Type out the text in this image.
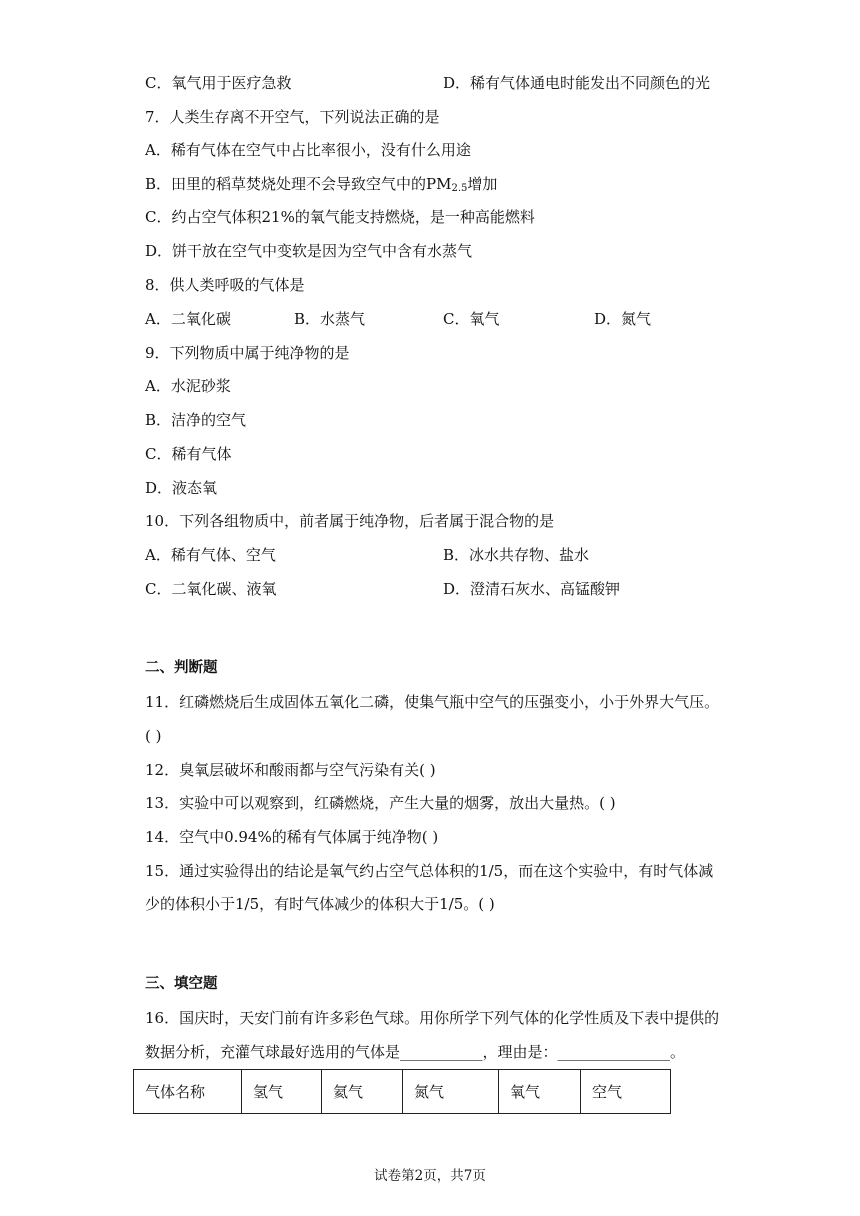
C．氧气用于医疗急救	D．稀有气体通电时能发出不同颜色的光
7．人类生存离不开空气，下列说法正确的是
A．稀有气体在空气中占比率很小，没有什么用途
B．田里的稻草焚烧处理不会导致空气中的$PM_{2.5}$增加
C．约占空气体积21%的氧气能支持燃烧，是一种高能燃料
D．饼干放在空气中变软是因为空气中含有水蒸气
8．供人类呼吸的气体是
A．二氧化碳	B．水蒸气	C．氧气	D．氮气
9．下列物质中属于纯净物的是
A．水泥砂浆
B．洁净的空气
C．稀有气体
D．液态氧
10．下列各组物质中，前者属于纯净物，后者属于混合物的是
A．稀有气体、空气	B．冰水共存物、盐水
C．二氧化碳、液氧	D．澄清石灰水、高锰酸钾
二、判断题
11．红磷燃烧后生成固体五氧化二磷，使集气瓶中空气的压强变小，小于外界大气压。
( )
12．臭氧层破坏和酸雨都与空气污染有关( )
13．实验中可以观察到，红磷燃烧，产生大量的烟雾，放出大量热。( )
14．空气中0.94%的稀有气体属于纯净物( )
15．通过实验得出的结论是氧气约占空气总体积的1/5，而在这个实验中，有时气体减
少的体积小于1/5，有时气体减少的体积大于1/5。( )
三、填空题
16．国庆时，天安门前有许多彩色气球。用你所学下列气体的化学性质及下表中提供的
数据分析，充灌气球最好选用的气体是___________，理由是：_______________。
气体名称	氢气	氦气	氮气	氧气	空气
试卷第2页，共7页
